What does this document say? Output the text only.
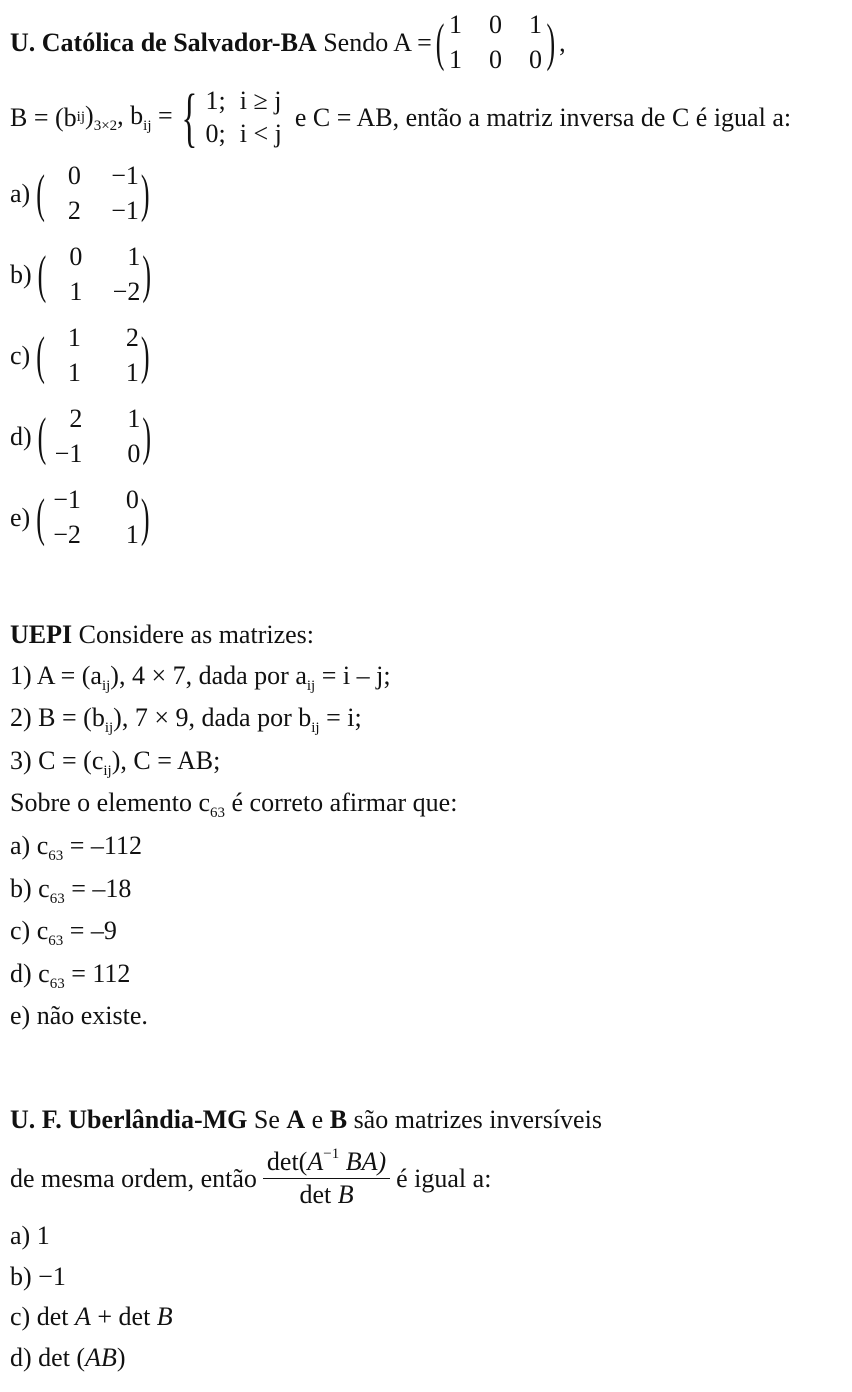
U. Católica de Salvador-BA
Sendo A = ( 1 0 1
1 0 0 ) ,
B = (b ij )$_{3\times 2}$, $b_{ij}$ = { 1; i ≥ j
0; i < j

e C = AB, então a matriz inversa de C é igual a:
a) ( 0 −1
2 −1 )
b) ( 0	1
1 −2 )
c) ( 1	2
1	1 )
d) ( 2	1
−1	0 )
e) ( −1	0
−2	1 )
UEPI Considere as matrizes:
1) $A = (a_{ij})$, 4 × 7, dada por $a_{ij} = i - j$;
2) $B = (b_{ij})$, 7 × 9, dada por $b_{ij} = i$;
3) $C = (c_{ij})$, C = AB;
Sobre o elemento $c_{63}$ é correto afirmar que:
a) $c_{63} = -112$
b) $c_{63} = -18$
c) $c_{63} = -9$
d) $c_{63} = 112$
e) não existe.
U. F. Uberlândia-MG Se A e B são matrizes inversíveis
de mesma ordem, então $\frac{\det(A^{-1} BA)}{\text{det B}}$ é igual a:
a) 1
b) −1
c) det A + det B
d) det (AB)
